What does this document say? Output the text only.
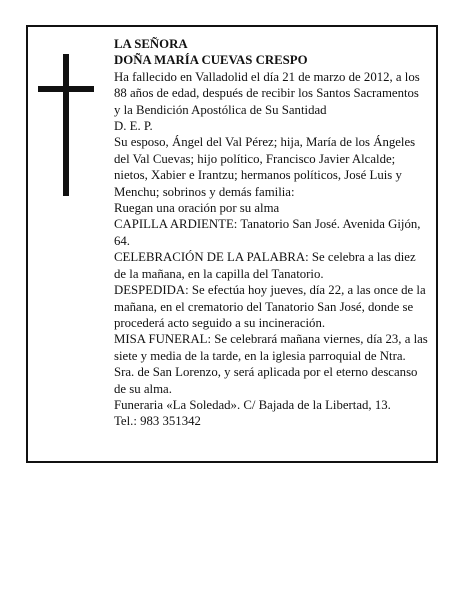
LA SEÑORA

DOÑA MARÍA CUEVAS CRESPO

Ha fallecido en Valladolid el día 21 de marzo de 2012, a los 88 años de edad, después de recibir los Santos Sacramentos y la Bendición Apostólica de Su Santidad

D. E. P.

Su esposo, Ángel del Val Pérez; hija, María de los Ángeles del Val Cuevas; hijo político, Francisco Javier Alcalde; nietos, Xabier e Irantzu; hermanos políticos, José Luis y Menchu; sobrinos y demás familia:

Ruegan una oración por su alma

CAPILLA ARDIENTE: Tanatorio San José. Avenida Gijón, 64.

CELEBRACIÓN DE LA PALABRA: Se celebra a las diez de la mañana, en la capilla del Tanatorio.

DESPEDIDA: Se efectúa hoy jueves, día 22, a las once de la mañana, en el crematorio del Tanatorio San José, donde se procederá acto seguido a su incineración.

MISA FUNERAL: Se celebrará mañana viernes, día 23, a las siete y media de la tarde, en la iglesia parroquial de Ntra. Sra. de San Lorenzo, y será aplicada por el eterno descanso de su alma.

Funeraria «La Soledad». C/ Bajada de la Libertad, 13.

Tel.: 983 351342
